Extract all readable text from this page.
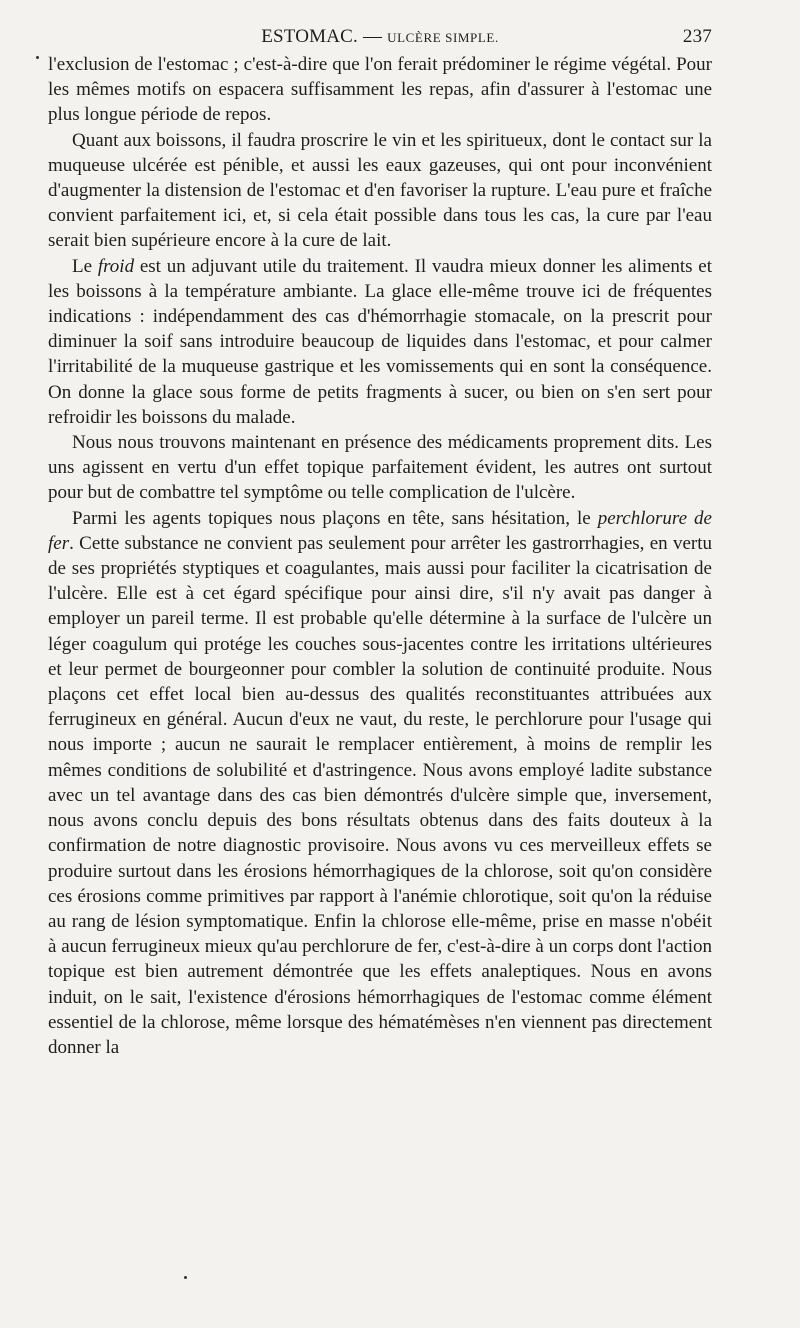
ESTOMAC. — ULCÈRE SIMPLE.	237

l'exclusion de l'estomac ; c'est-à-dire que l'on ferait prédominer le régime végétal. Pour les mêmes motifs on espacera suffisamment les repas, afin d'assurer à l'estomac une plus longue période de repos.

Quant aux boissons, il faudra proscrire le vin et les spiritueux, dont le contact sur la muqueuse ulcérée est pénible, et aussi les eaux gazeuses, qui ont pour inconvénient d'augmenter la distension de l'estomac et d'en favoriser la rupture. L'eau pure et fraîche convient parfaitement ici, et, si cela était possible dans tous les cas, la cure par l'eau serait bien supérieure encore à la cure de lait.

Le froid est un adjuvant utile du traitement. Il vaudra mieux donner les aliments et les boissons à la température ambiante. La glace elle-même trouve ici de fréquentes indications : indépendamment des cas d'hémorrhagie stomacale, on la prescrit pour diminuer la soif sans introduire beaucoup de liquides dans l'estomac, et pour calmer l'irritabilité de la muqueuse gastrique et les vomissements qui en sont la conséquence. On donne la glace sous forme de petits fragments à sucer, ou bien on s'en sert pour refroidir les boissons du malade.

Nous nous trouvons maintenant en présence des médicaments proprement dits. Les uns agissent en vertu d'un effet topique parfaitement évident, les autres ont surtout pour but de combattre tel symptôme ou telle complication de l'ulcère.

Parmi les agents topiques nous plaçons en tête, sans hésitation, le perchlorure de fer. Cette substance ne convient pas seulement pour arrêter les gastrorrhagies, en vertu de ses propriétés styptiques et coagulantes, mais aussi pour faciliter la cicatrisation de l'ulcère. Elle est à cet égard spécifique pour ainsi dire, s'il n'y avait pas danger à employer un pareil terme. Il est probable qu'elle détermine à la surface de l'ulcère un léger coagulum qui protége les couches sous-jacentes contre les irritations ultérieures et leur permet de bourgeonner pour combler la solution de continuité produite. Nous plaçons cet effet local bien au-dessus des qualités reconstituantes attribuées aux ferrugineux en général. Aucun d'eux ne vaut, du reste, le perchlorure pour l'usage qui nous importe ; aucun ne saurait le remplacer entièrement, à moins de remplir les mêmes conditions de solubilité et d'astringence. Nous avons employé ladite substance avec un tel avantage dans des cas bien démontrés d'ulcère simple que, inversement, nous avons conclu depuis des bons résultats obtenus dans des faits douteux à la confirmation de notre diagnostic provisoire. Nous avons vu ces merveilleux effets se produire surtout dans les érosions hémorrhagiques de la chlorose, soit qu'on considère ces érosions comme primitives par rapport à l'anémie chlorotique, soit qu'on la réduise au rang de lésion symptomatique. Enfin la chlorose elle-même, prise en masse n'obéit à aucun ferrugineux mieux qu'au perchlorure de fer, c'est-à-dire à un corps dont l'action topique est bien autrement démontrée que les effets analeptiques. Nous en avons induit, on le sait, l'existence d'érosions hémorrhagiques de l'estomac comme élément essentiel de la chlorose, même lorsque des hématémèses n'en viennent pas directement donner la
